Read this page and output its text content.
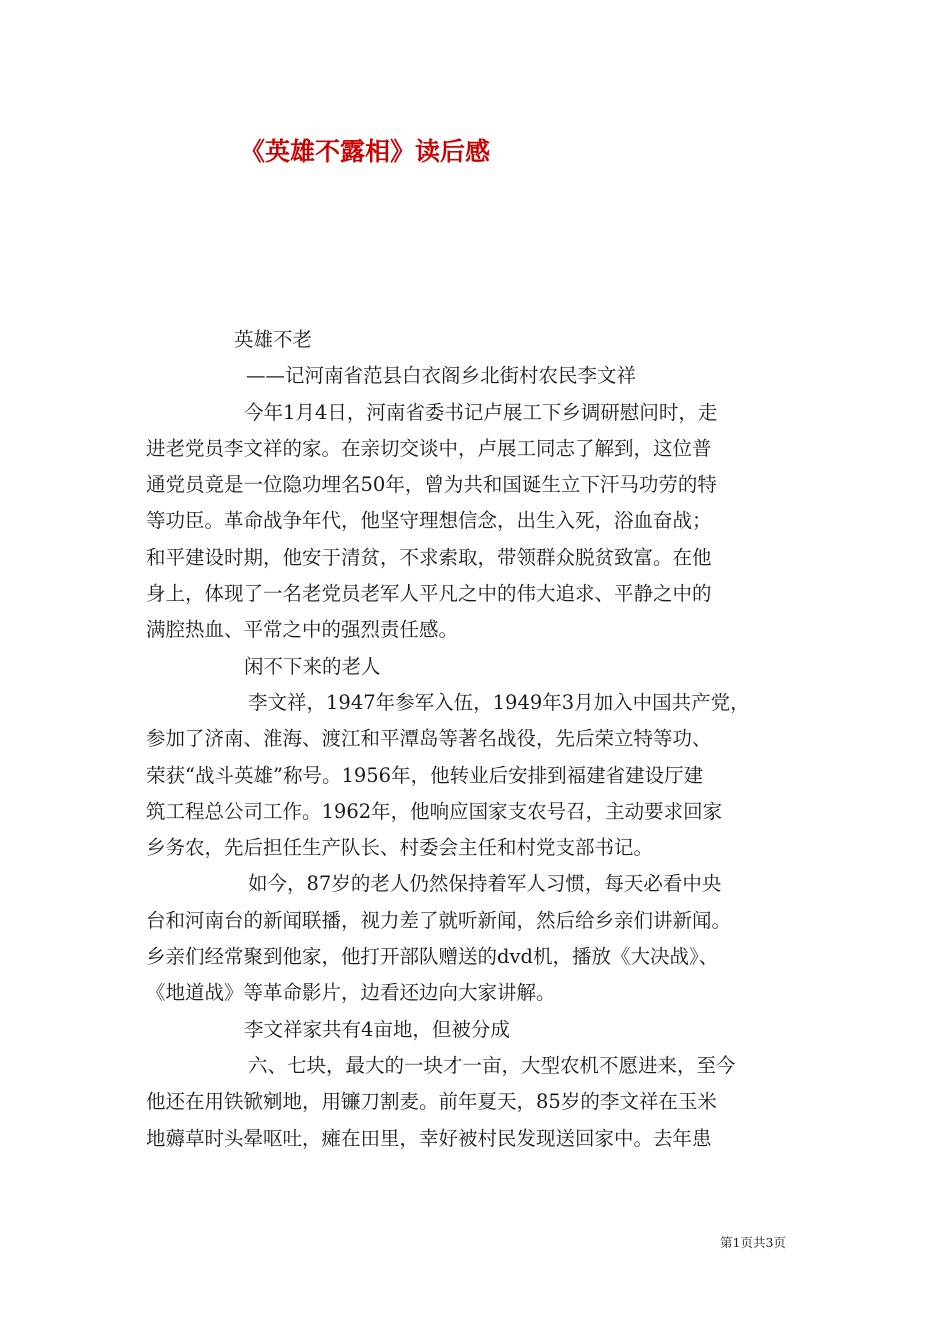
《英雄不露相》读后感
英雄不老
——记河南省范县白衣阁乡北街村农民李文祥
今年1月4日，河南省委书记卢展工下乡调研慰问时，走
进老党员李文祥的家。在亲切交谈中，卢展工同志了解到，这位普
通党员竟是一位隐功埋名50年，曾为共和国诞生立下汗马功劳的特
等功臣。革命战争年代，他坚守理想信念，出生入死，浴血奋战；
和平建设时期，他安于清贫，不求索取，带领群众脱贫致富。在他
身上，体现了一名老党员老军人平凡之中的伟大追求、平静之中的
满腔热血、平常之中的强烈责任感。
闲不下来的老人
李文祥，1947年参军入伍，1949年3月加入中国共产党，
参加了济南、淮海、渡江和平潭岛等著名战役，先后荣立特等功、
荣获“战斗英雄”称号。1956年，他转业后安排到福建省建设厅建
筑工程总公司工作。1962年，他响应国家支农号召，主动要求回家
乡务农，先后担任生产队长、村委会主任和村党支部书记。
如今，87岁的老人仍然保持着军人习惯，每天必看中央
台和河南台的新闻联播，视力差了就听新闻，然后给乡亲们讲新闻。
乡亲们经常聚到他家，他打开部队赠送的dvd机，播放《大决战》、
《地道战》等革命影片，边看还边向大家讲解。
李文祥家共有4亩地，但被分成
六、七块，最大的一块才一亩，大型农机不愿进来，至今
他还在用铁锨剜地，用镰刀割麦。前年夏天，85岁的李文祥在玉米
地薅草时头晕呕吐，瘫在田里，幸好被村民发现送回家中。去年患
第1页共3页
